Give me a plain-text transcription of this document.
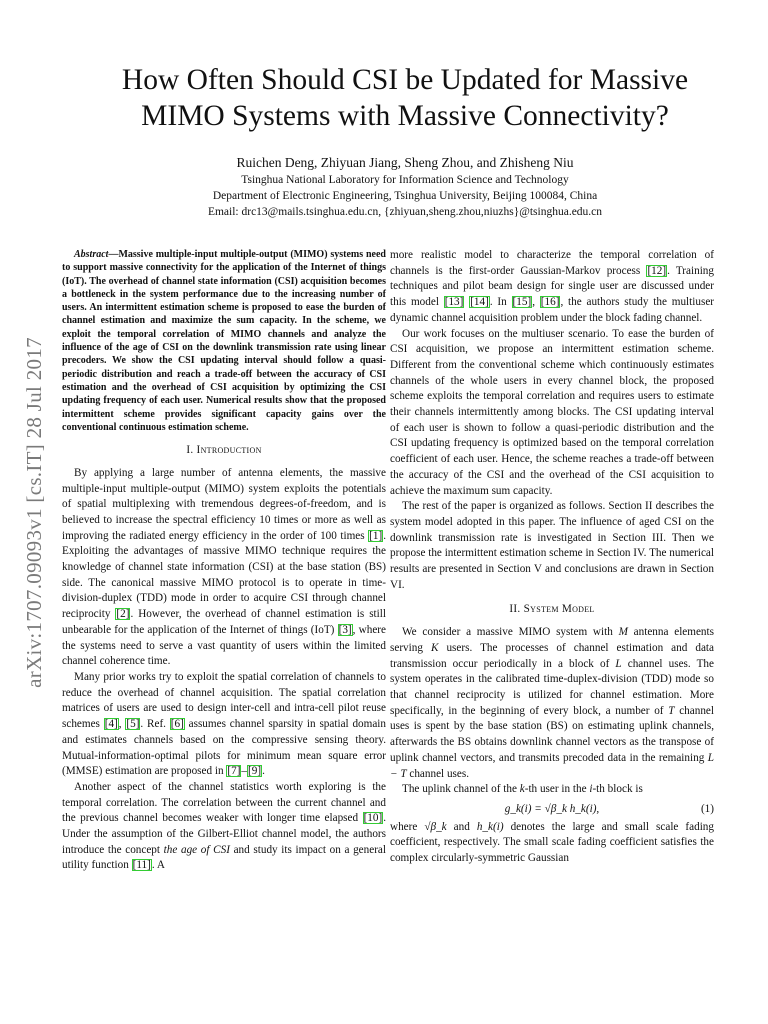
arXiv:1707.09093v1 [cs.IT] 28 Jul 2017
How Often Should CSI be Updated for Massive
MIMO Systems with Massive Connectivity?
Ruichen Deng, Zhiyuan Jiang, Sheng Zhou, and Zhisheng Niu
Tsinghua National Laboratory for Information Science and Technology
Department of Electronic Engineering, Tsinghua University, Beijing 100084, China
Email: drc13@mails.tsinghua.edu.cn, {zhiyuan,sheng.zhou,niuzhs}@tsinghua.edu.cn

Abstract—Massive multiple-input multiple-output (MIMO) systems need to support massive connectivity for the application of the Internet of things (IoT). The overhead of channel state information (CSI) acquisition becomes a bottleneck in the system performance due to the increasing number of users. An intermittent estimation scheme is proposed to ease the burden of channel estimation and maximize the sum capacity. In the scheme, we exploit the temporal correlation of MIMO channels and analyze the influence of the age of CSI on the downlink transmission rate using linear precoders. We show the CSI updating interval should follow a quasi-periodic distribution and reach a trade-off between the accuracy of CSI estimation and the overhead of CSI acquisition by optimizing the CSI updating frequency of each user. Numerical results show that the proposed intermittent scheme provides significant capacity gains over the conventional continuous estimation scheme.

I. Introduction

By applying a large number of antenna elements, the massive multiple-input multiple-output (MIMO) system exploits the potentials of spatial multiplexing with tremendous degrees-of-freedom, and is believed to increase the spectral efficiency 10 times or more as well as improving the radiated energy efficiency in the order of 100 times [1]. Exploiting the advantages of massive MIMO technique requires the knowledge of channel state information (CSI) at the base station (BS) side. The canonical massive MIMO protocol is to operate in time-division-duplex (TDD) mode in order to acquire CSI through channel reciprocity [2]. However, the overhead of channel estimation is still unbearable for the application of the Internet of things (IoT) [3], where the systems need to serve a vast quantity of users within the limited channel coherence time.

Many prior works try to exploit the spatial correlation of channels to reduce the overhead of channel acquisition. The spatial correlation matrices of users are used to design inter-cell and intra-cell pilot reuse schemes [4], [5]. Ref. [6] assumes channel sparsity in spatial domain and estimates channels based on the compressive sensing theory. Mutual-information-optimal pilots for minimum mean square error (MMSE) estimation are proposed in [7]–[9].

Another aspect of the channel statistics worth exploring is the temporal correlation. The correlation between the current channel and the previous channel becomes weaker with longer time elapsed [10]. Under the assumption of the Gilbert-Elliot channel model, the authors introduce the concept the age of CSI and study its impact on a general utility function [11]. A

more realistic model to characterize the temporal correlation of channels is the first-order Gaussian-Markov process [12]. Training techniques and pilot beam design for single user are discussed under this model [13] [14]. In [15], [16], the authors study the multiuser dynamic channel acquisition problem under the block fading channel.

Our work focuses on the multiuser scenario. To ease the burden of CSI acquisition, we propose an intermittent estimation scheme. Different from the conventional scheme which continuously estimates channels of the whole users in every channel block, the proposed scheme exploits the temporal correlation and requires users to estimate their channels intermittently among blocks. The CSI updating interval of each user is shown to follow a quasi-periodic distribution and the CSI updating frequency is optimized based on the temporal correlation coefficient of each user. Hence, the scheme reaches a trade-off between the accuracy of the CSI and the overhead of the CSI acquisition to achieve the maximum sum capacity.

The rest of the paper is organized as follows. Section II describes the system model adopted in this paper. The influence of aged CSI on the downlink transmission rate is investigated in Section III. Then we propose the intermittent estimation scheme in Section IV. The numerical results are presented in Section V and conclusions are drawn in Section VI.

II. System Model

We consider a massive MIMO system with M antenna elements serving K users. The processes of channel estimation and data transmission occur periodically in a block of L channel uses. The system operates in the calibrated time-duplex-division (TDD) mode so that channel reciprocity is utilized for channel estimation. More specifically, in the beginning of every block, a number of T channel uses is spent by the base station (BS) on estimating uplink channels, afterwards the BS obtains downlink channel vectors as the transpose of uplink channel vectors, and transmits precoded data in the remaining L − T channel uses.

The uplink channel of the k-th user in the i-th block is

g_k(i) = √β_k h_k(i),	(1)

where √β_k and h_k(i) denotes the large and small scale fading coefficient, respectively. The small scale fading coefficient satisfies the complex circularly-symmetric Gaussian
